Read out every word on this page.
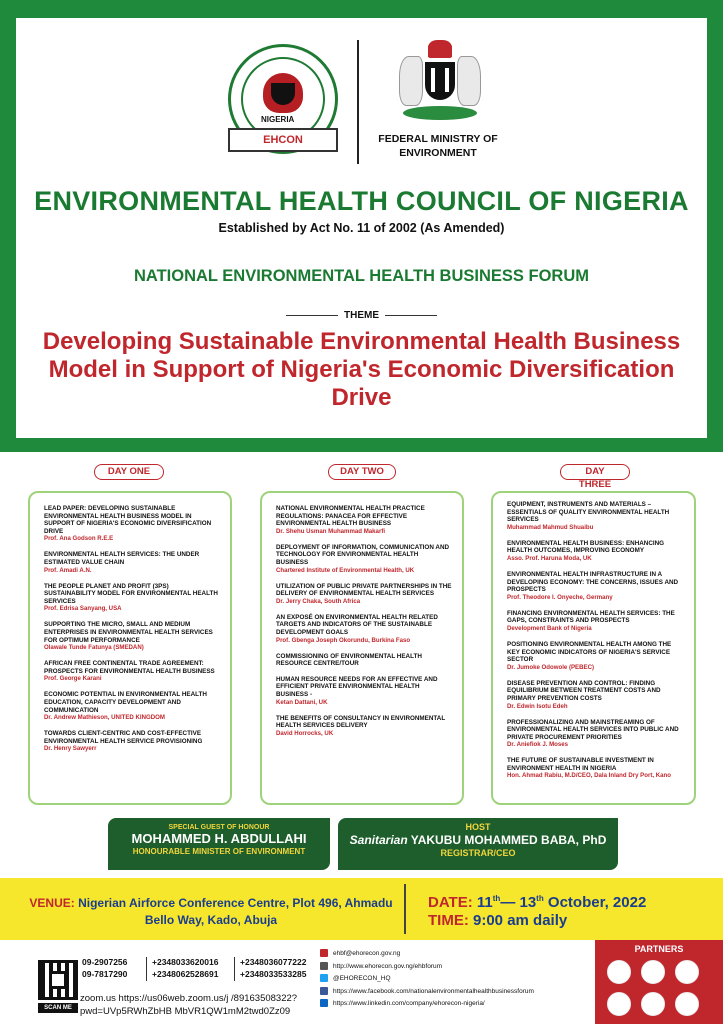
NIGERIA
EHCON	FEDERAL MINISTRY OF ENVIRONMENT
ENVIRONMENTAL HEALTH COUNCIL OF NIGERIA
Established by Act No. 11 of 2002 (As Amended)
NATIONAL ENVIRONMENTAL HEALTH BUSINESS FORUM
THEME
Developing Sustainable Environmental Health Business Model in Support of Nigeria's Economic Diversification Drive
DAY ONE	DAY TWO	DAY THREE
LEAD PAPER: DEVELOPING SUSTAINABLE ENVIRONMENTAL HEALTH BUSINESS MODEL IN SUPPORT OF NIGERIA'S ECONOMIC DIVERSIFICATION DRIVE
Prof. Ana Godson R.E.E
ENVIRONMENTAL HEALTH SERVICES: THE UNDER ESTIMATED VALUE CHAIN
Prof. Amadi A.N.
THE PEOPLE PLANET AND PROFIT (3PS) SUSTAINABILITY MODEL FOR ENVIRONMENTAL HEALTH SERVICES
Prof. Edrisa Sanyang, USA
SUPPORTING THE MICRO, SMALL AND MEDIUM ENTERPRISES IN ENVIRONMENTAL HEALTH SERVICES FOR OPTIMUM PERFORMANCE
Olawale Tunde Fatunya (SMEDAN)
AFRICAN FREE CONTINENTAL TRADE AGREEMENT: PROSPECTS FOR ENVIRONMENTAL HEALTH BUSINESS
Prof. George Karani
ECONOMIC POTENTIAL IN ENVIRONMENTAL HEALTH EDUCATION, CAPACITY DEVELOPMENT AND COMMUNICATION
Dr. Andrew Mathieson, UNITED KINGDOM
TOWARDS CLIENT-CENTRIC AND COST-EFFECTIVE ENVIRONMENTAL HEALTH SERVICE PROVISIONING
Dr. Henry Sawyerr
NATIONAL ENVIRONMENTAL HEALTH PRACTICE REGULATIONS: PANACEA FOR EFFECTIVE ENVIRONMENTAL HEALTH BUSINESS
Dr. Shehu Usman Muhammad Makarfi
DEPLOYMENT OF INFORMATION, COMMUNICATION AND TECHNOLOGY FOR ENVIRONMENTAL HEALTH BUSINESS
Chartered Institute of Environmental Health, UK
UTILIZATION OF PUBLIC PRIVATE PARTNERSHIPS IN THE DELIVERY OF ENVIRONMENTAL HEALTH SERVICES
Dr. Jerry Chaka, South Africa
AN EXPOSÉ ON ENVIRONMENTAL HEALTH RELATED TARGETS AND INDICATORS OF THE SUSTAINABLE DEVELOPMENT GOALS
Prof. Gbenga Joseph Okorundu, Burkina Faso
COMMISSIONING OF ENVIRONMENTAL HEALTH RESOURCE CENTRE/TOUR
HUMAN RESOURCE NEEDS FOR AN EFFECTIVE AND EFFICIENT PRIVATE ENVIRONMENTAL HEALTH BUSINESS -
Ketan Dattani, UK
THE BENEFITS OF CONSULTANCY IN ENVIRONMENTAL HEALTH SERVICES DELIVERY
David Horrocks, UK
EQUIPMENT, INSTRUMENTS AND MATERIALS – ESSENTIALS OF QUALITY ENVIRONMENTAL HEALTH SERVICES
Muhammad Mahmud Shuaibu
ENVIRONMENTAL HEALTH BUSINESS: ENHANCING HEALTH OUTCOMES, IMPROVING ECONOMY
Asso. Prof. Haruna Moda, UK
ENVIRONMENTAL HEALTH INFRASTRUCTURE IN A DEVELOPING ECONOMY: THE CONCERNS, ISSUES AND PROSPECTS
Prof. Theodore I. Onyeche, Germany
FINANCING ENVIRONMENTAL HEALTH SERVICES: THE GAPS, CONSTRAINTS AND PROSPECTS
Development Bank of Nigeria
POSITIONING ENVIRONMENTAL HEALTH AMONG THE KEY ECONOMIC INDICATORS OF NIGERIA'S SERVICE SECTOR
Dr. Jumoke Odowole (PEBEC)
DISEASE PREVENTION AND CONTROL: FINDING EQUILIBRIUM BETWEEN TREATMENT COSTS AND PRIMARY PREVENTION COSTS
Dr. Edwin Isotu Edeh
PROFESSIONALIZING AND MAINSTREAMING OF ENVIRONMENTAL HEALTH SERVICES INTO PUBLIC AND PRIVATE PROCUREMENT PRIORITIES
Dr. Aniefiok J. Moses
THE FUTURE OF SUSTAINABLE INVESTMENT IN ENVIRONMENT HEALTH IN NIGERIA
Hon. Ahmad Rabiu, M.D/CEO, Dala Inland Dry Port, Kano
SPECIAL GUEST OF HONOUR
MOHAMMED H. ABDULLAHI
HONOURABLE MINISTER OF ENVIRONMENT
HOST
Sanitarian YAKUBU MOHAMMED BABA, PhD
REGISTRAR/CEO
VENUE: Nigerian Airforce Conference Centre, Plot 496, Ahmadu Bello Way, Kado, Abuja
DATE: 11th— 13th October, 2022
TIME: 9:00 am daily
SCAN ME
09-2907256
09-7817290
+2348033620016
+2348062528691
+2348036077222
+2348033533285
zoom.us https://us06web.zoom.us/j /89163508322?pwd=UVp5RWhZbHB MbVR1QW1mM2twd0Zz09
ehbf@ehorecon.gov.ng
http://www.ehorecon.gov.ng/ehbforum
@EHORECON_HQ
https://www.facebook.com/nationalenvironmentalhealthbusinessforum
https://www.linkedin.com/company/ehorecon-nigeria/
PARTNERS
